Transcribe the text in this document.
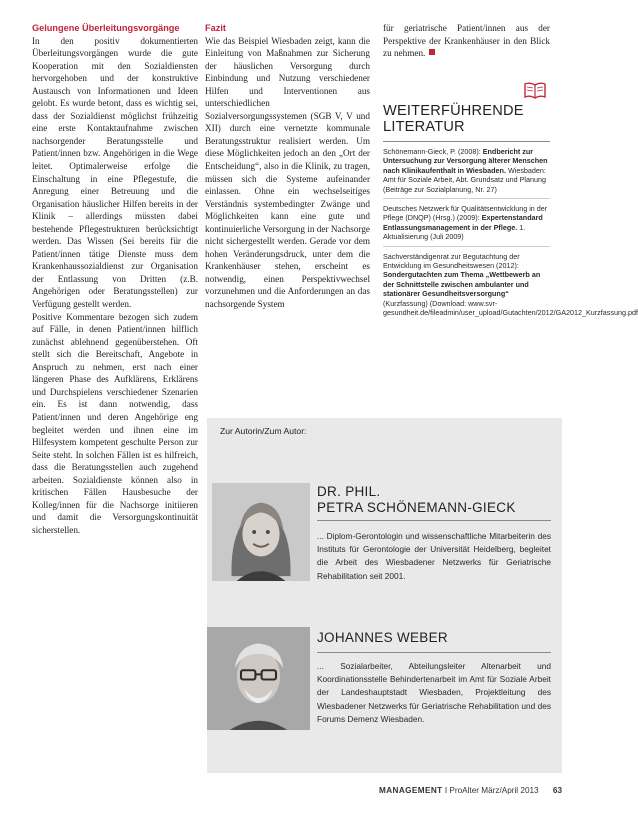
Gelungene Überleitungsvorgänge

In den positiv dokumentierten Überleitungsvorgängen wurde die gute Kooperation mit den Sozialdiensten hervorgehoben und der konstruktive Austausch von Informationen und Ideen gelobt. Es wurde betont, dass es wichtig sei, dass der Sozialdienst möglichst frühzeitig eine erste Kontaktaufnahme zwischen nachsorgender Beratungsstelle und Patient/innen bzw. Angehörigen in die Wege leitet. Optimalerweise erfolge die Einschaltung in eine Pflegestufe, die Anregung einer Betreuung und die Organisation häuslicher Hilfen bereits in der Klinik – allerdings müssten dabei bestehende Pflegestrukturen berücksichtigt werden. Das Wissen (Sei bereits für die Patient/innen tätige Dienste muss dem Krankenhaussozialdienst zur Organisation der Entlassung von Dritten (z.B. Angehörigen oder Beratungsstellen) zur Verfügung gestellt werden.

Positive Kommentare bezogen sich zudem auf Fälle, in denen Patient/innen hilflich zunächst ablehnend gegenüberstehen. Oft stellt sich die Bereitschaft, Angebote in Anspruch zu nehmen, erst nach einer längeren Phase des Aufklärens, Erklärens und Durchspielens verschiedener Szenarien ein. Es ist dann notwendig, dass Patient/innen und deren Angehörige eng begleitet werden und ihnen eine im Hilfesystem kompetent geschulte Person zur Seite steht. In solchen Fällen ist es hilfreich, dass die Beratungsstellen auch zugehend arbeiten. Sozialdienste können also in kritischen Fällen Hausbesuche der Kolleg/innen für die Nachsorge initiieren und damit die Versorgungskontinuität sicherstellen.

Fazit

Wie das Beispiel Wiesbaden zeigt, kann die Einleitung von Maßnahmen zur Sicherung der häuslichen Versorgung durch Einbindung und Nutzung verschiedener Hilfen und Interventionen aus unterschiedlichen Sozialversorgungssystemen (SGB V, V und XII) durch eine vernetzte kommunale Beratungsstruktur realisiert werden. Um diese Möglichkeiten jedoch an den „Ort der Entscheidung“, also in die Klinik, zu tragen, müssen sich die Systeme aufeinander einlassen. Ohne ein wechselseitiges Verständnis systembedingter Zwänge und Möglichkeiten kann eine gute und kontinuierliche Versorgung in der Nachsorge nicht sichergestellt werden. Gerade vor dem hohen Veränderungsdruck, unter dem die Krankenhäuser stehen, erscheint es notwendig, einen Perspektivwechsel vorzunehmen und die Anforderungen an das nachsorgende System

für geriatrische Patient/innen aus der Perspektive der Krankenhäuser in den Blick zu nehmen.

WEITERFÜHRENDE LITERATUR

Schönemann-Gieck, P. (2008): Endbericht zur Untersuchung zur Versorgung älterer Menschen nach Klinikaufenthalt in Wiesbaden. Wiesbaden: Amt für Soziale Arbeit, Abt. Grundsatz und Planung (Beiträge zur Sozialplanung, Nr. 27)

Deutsches Netzwerk für Qualitätsentwicklung in der Pflege (DNQP) (Hrsg.) (2009): Expertenstandard Entlassungsmanagement in der Pflege. 1. Aktualisierung (Juli 2009)

Sachverständigenrat zur Begutachtung der Entwicklung im Gesundheitswesen (2012): Sondergutachten zum Thema „Wettbewerb an der Schnittstelle zwischen ambulanter und stationärer Gesundheitsversorgung“ (Kurzfassung) (Download: www.svr-gesundheit.de/fileadmin/user_upload/Gutachten/2012/GA2012_Kurzfassung.pdf

Zur Autorin/Zum Autor:
DR. PHIL.
PETRA SCHÖNEMANN-GIECK
... Diplom-Gerontologin und wissenschaftliche Mitarbeiterin des Instituts für Gerontologie der Universität Heidelberg, begleitet die Arbeit des Wiesbadener Netzwerks für Geriatrische Rehabilitation seit 2001.
JOHANNES WEBER
... Sozialarbeiter, Abteilungsleiter Altenarbeit und Koordinationsstelle Behindertenarbeit im Amt für Soziale Arbeit der Landeshauptstadt Wiesbaden, Projektleitung des Wiesbadener Netzwerks für Geriatrische Rehabilitation und des Forums Demenz Wiesbaden.
MANAGEMENT I ProAlter März/April 2013 63
